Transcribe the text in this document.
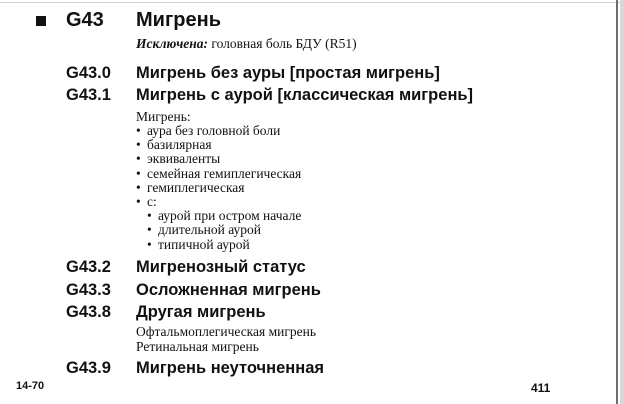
G43 Мигрень
Исключена: головная боль БДУ (R51)
G43.0 Мигрень без ауры [простая мигрень]
G43.1 Мигрень с аурой [классическая мигрень]
Мигрень:
• аура без головной боли
• базилярная
• эквиваленты
• семейная гемиплегическая
• гемиплегическая
• с:
• аурой при остром начале
• длительной аурой
• типичной аурой
G43.2 Мигренозный статус
G43.3 Осложненная мигрень
G43.8 Другая мигрень
Офтальмоплегическая мигрень
Ретинальная мигрень
G43.9 Мигрень неуточненная
14-70	411
